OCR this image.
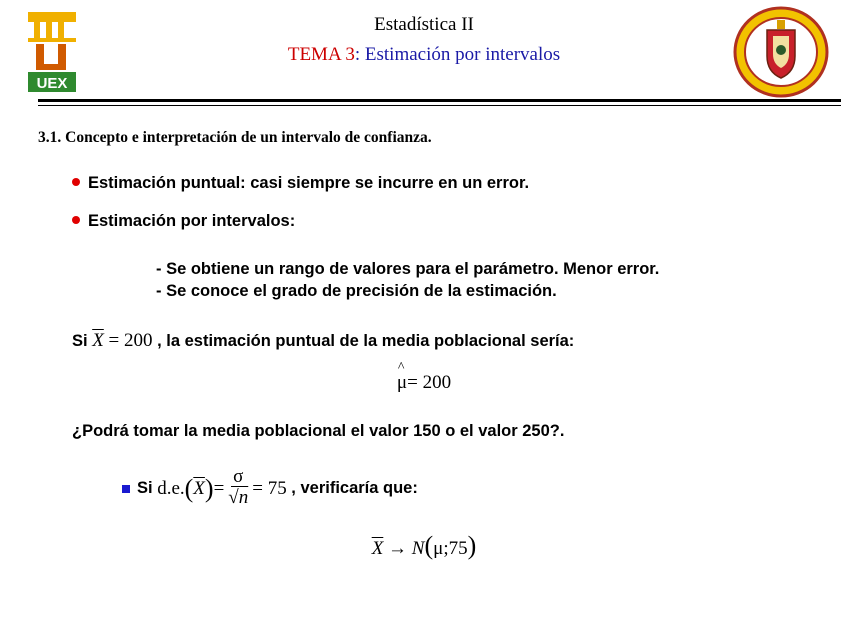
UEX
Estadística II
TEMA 3: Estimación por intervalos
3.1. Concepto e interpretación de un intervalo de confianza.
Estimación puntual: casi siempre se incurre en un error.
Estimación por intervalos:
- Se obtiene un rango de valores para el parámetro. Menor error.
- Se conoce el grado de precisión de la estimación.
Si $\overline{X} = 200$ , la estimación puntual de la media poblacional sería:
^ μ= 200
¿Podrá tomar la media poblacional el valor 150 o el valor 250?.
Si
d.e. ( $\overline{X}$ ) = $\frac{\sigma}{√n} = 75$
, verificaría que:
$\overline{X}$ → N(μ;75)
